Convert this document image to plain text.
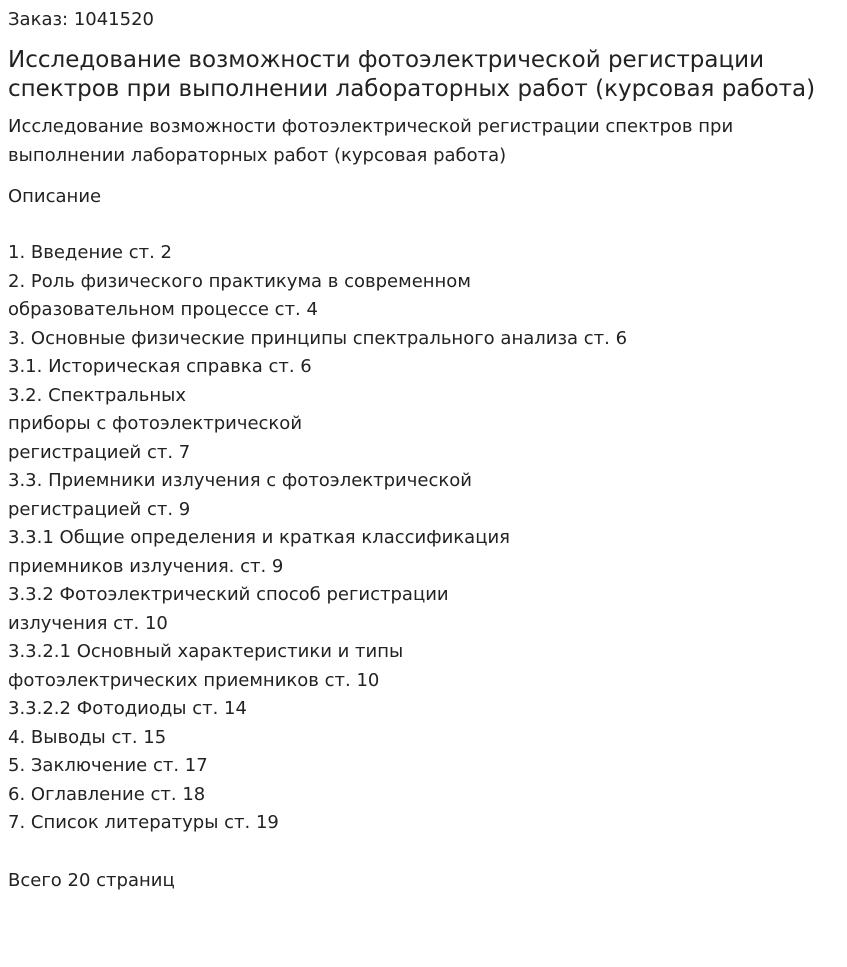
Заказ: 1041520
Исследование возможности фотоэлектрической регистрации спектров при выполнении лабораторных работ (курсовая работа)
Исследование возможности фотоэлектрической регистрации спектров при выполнении лабораторных работ (курсовая работа)
Описание
1. Введение ст. 2
2. Роль физического практикума в современном
образовательном процессе ст. 4
3. Основные физические принципы спектрального анализа ст. 6
3.1. Историческая справка ст. 6
3.2. Спектральных
приборы с фотоэлектрической
регистрацией ст. 7
3.3. Приемники излучения с фотоэлектрической
регистрацией ст. 9
3.3.1 Общие определения и краткая классификация
приемников излучения. ст. 9
3.3.2 Фотоэлектрический способ регистрации
излучения ст. 10
3.3.2.1 Основный характеристики и типы
фотоэлектрических приемников ст. 10
3.3.2.2 Фотодиоды ст. 14
4. Выводы ст. 15
5. Заключение ст. 17
6. Оглавление ст. 18
7. Список литературы ст. 19
Всего 20 страниц
